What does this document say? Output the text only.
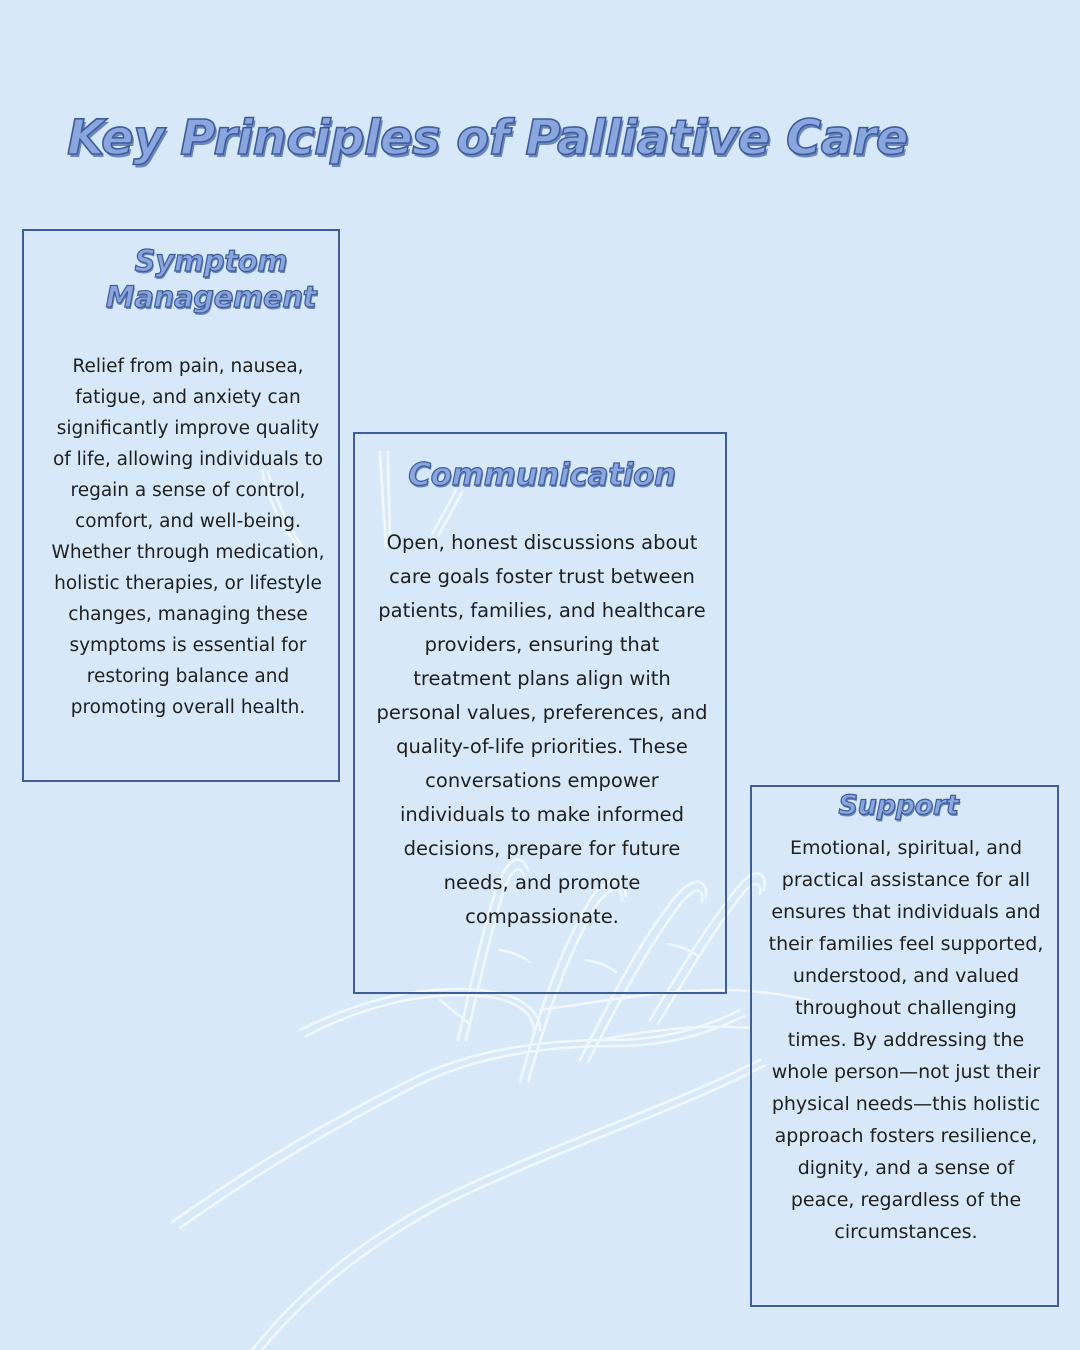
Key Principles of Palliative Care
Symptom Management

Relief from pain, nausea, fatigue, and anxiety can significantly improve quality of life, allowing individuals to regain a sense of control, comfort, and well-being. Whether through medication, holistic therapies, or lifestyle changes, managing these symptoms is essential for restoring balance and promoting overall health.

Communication

Open, honest discussions about care goals foster trust between patients, families, and healthcare providers, ensuring that treatment plans align with personal values, preferences, and quality-of-life priorities. These conversations empower individuals to make informed decisions, prepare for future needs, and promote compassionate.

Support

Emotional, spiritual, and practical assistance for all ensures that individuals and their families feel supported, understood, and valued throughout challenging times. By addressing the whole person—not just their physical needs—this holistic approach fosters resilience, dignity, and a sense of peace, regardless of the circumstances.
